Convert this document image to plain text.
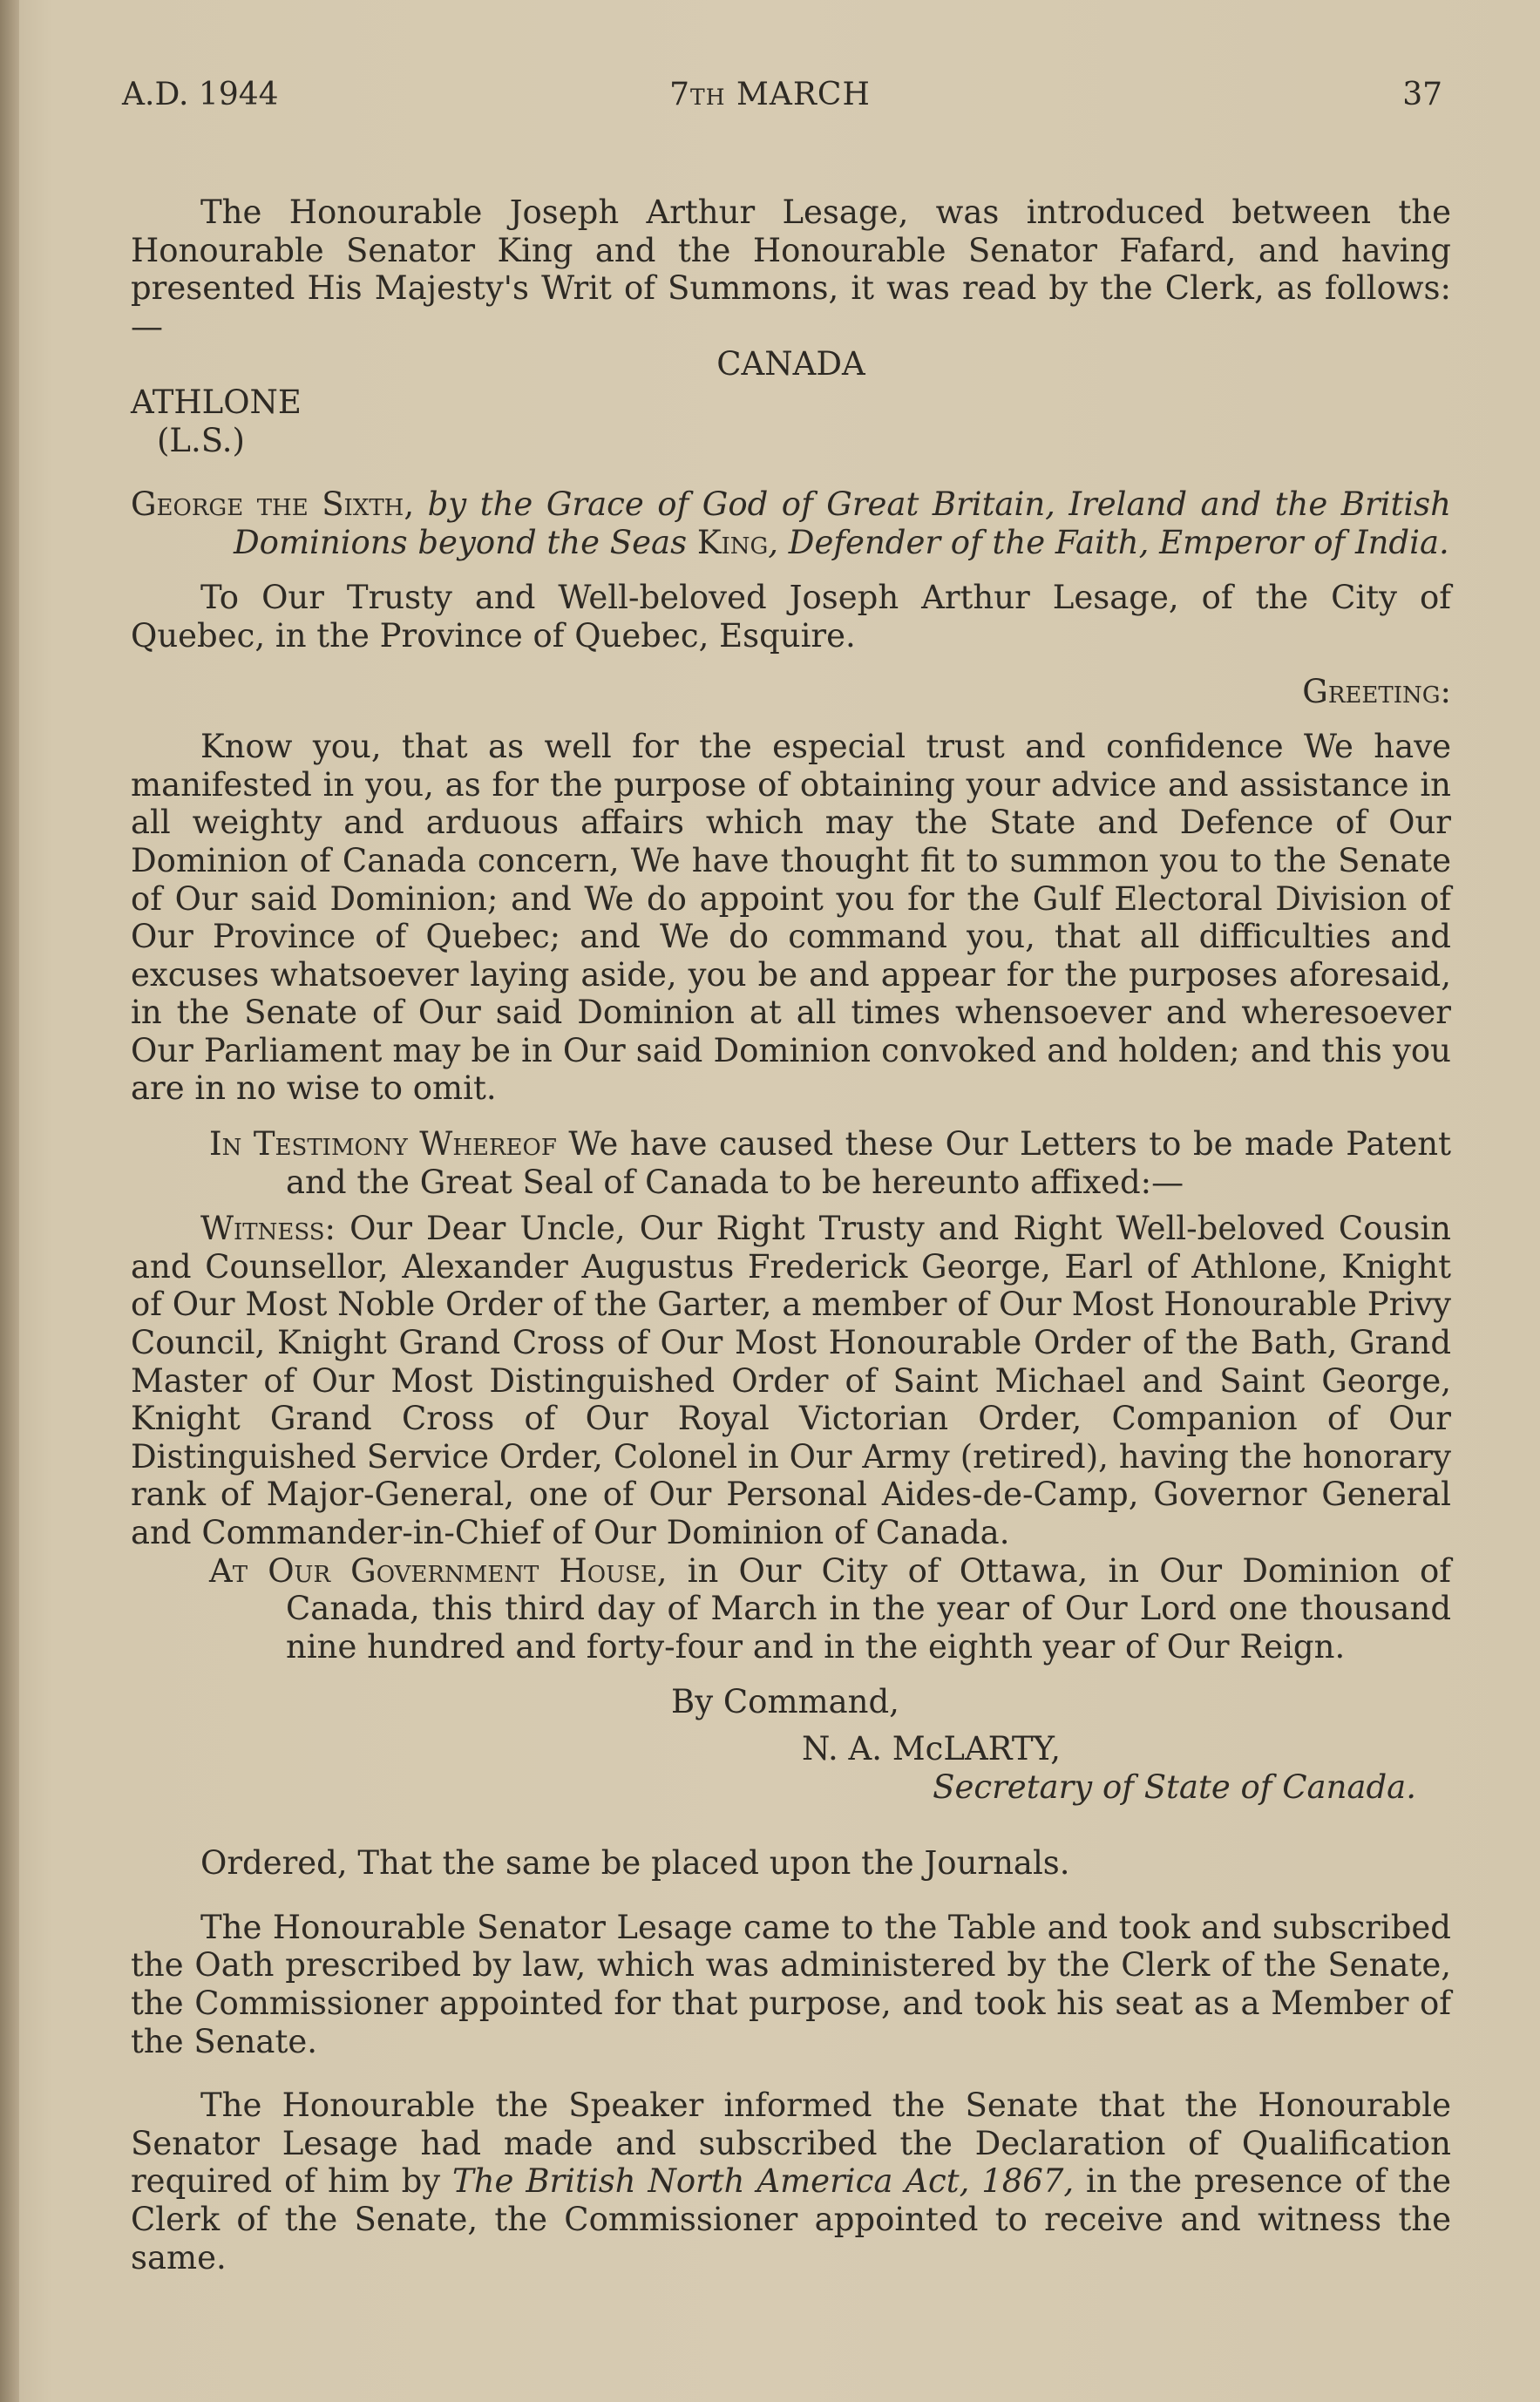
A.D. 1944	7th MARCH	37

The Honourable Joseph Arthur Lesage, was introduced between the Honourable Senator King and the Honourable Senator Fafard, and having presented His Majesty's Writ of Summons, it was read by the Clerk, as follows:—

CANADA

ATHLONE

(L.S.)

George the Sixth, by the Grace of God of Great Britain, Ireland and the British Dominions beyond the Seas King, Defender of the Faith, Emperor of India.

To Our Trusty and Well-beloved Joseph Arthur Lesage, of the City of Quebec, in the Province of Quebec, Esquire.

Greeting:

Know you, that as well for the especial trust and confidence We have manifested in you, as for the purpose of obtaining your advice and assistance in all weighty and arduous affairs which may the State and Defence of Our Dominion of Canada concern, We have thought fit to summon you to the Senate of Our said Dominion; and We do appoint you for the Gulf Electoral Division of Our Province of Quebec; and We do command you, that all difficulties and excuses whatsoever laying aside, you be and appear for the purposes aforesaid, in the Senate of Our said Dominion at all times whensoever and wheresoever Our Parliament may be in Our said Dominion convoked and holden; and this you are in no wise to omit.

In Testimony Whereof We have caused these Our Letters to be made Patent and the Great Seal of Canada to be hereunto affixed:—

Witness: Our Dear Uncle, Our Right Trusty and Right Well-beloved Cousin and Counsellor, Alexander Augustus Frederick George, Earl of Athlone, Knight of Our Most Noble Order of the Garter, a member of Our Most Honourable Privy Council, Knight Grand Cross of Our Most Honourable Order of the Bath, Grand Master of Our Most Distinguished Order of Saint Michael and Saint George, Knight Grand Cross of Our Royal Victorian Order, Companion of Our Distinguished Service Order, Colonel in Our Army (retired), having the honorary rank of Major-General, one of Our Personal Aides-de-Camp, Governor General and Commander-in-Chief of Our Dominion of Canada.

At Our Government House, in Our City of Ottawa, in Our Dominion of Canada, this third day of March in the year of Our Lord one thousand nine hundred and forty-four and in the eighth year of Our Reign.

By Command,

N. A. McLARTY,

Secretary of State of Canada.

Ordered, That the same be placed upon the Journals.

The Honourable Senator Lesage came to the Table and took and subscribed the Oath prescribed by law, which was administered by the Clerk of the Senate, the Commissioner appointed for that purpose, and took his seat as a Member of the Senate.

The Honourable the Speaker informed the Senate that the Honourable Senator Lesage had made and subscribed the Declaration of Qualification required of him by The British North America Act, 1867, in the presence of the Clerk of the Senate, the Commissioner appointed to receive and witness the same.
